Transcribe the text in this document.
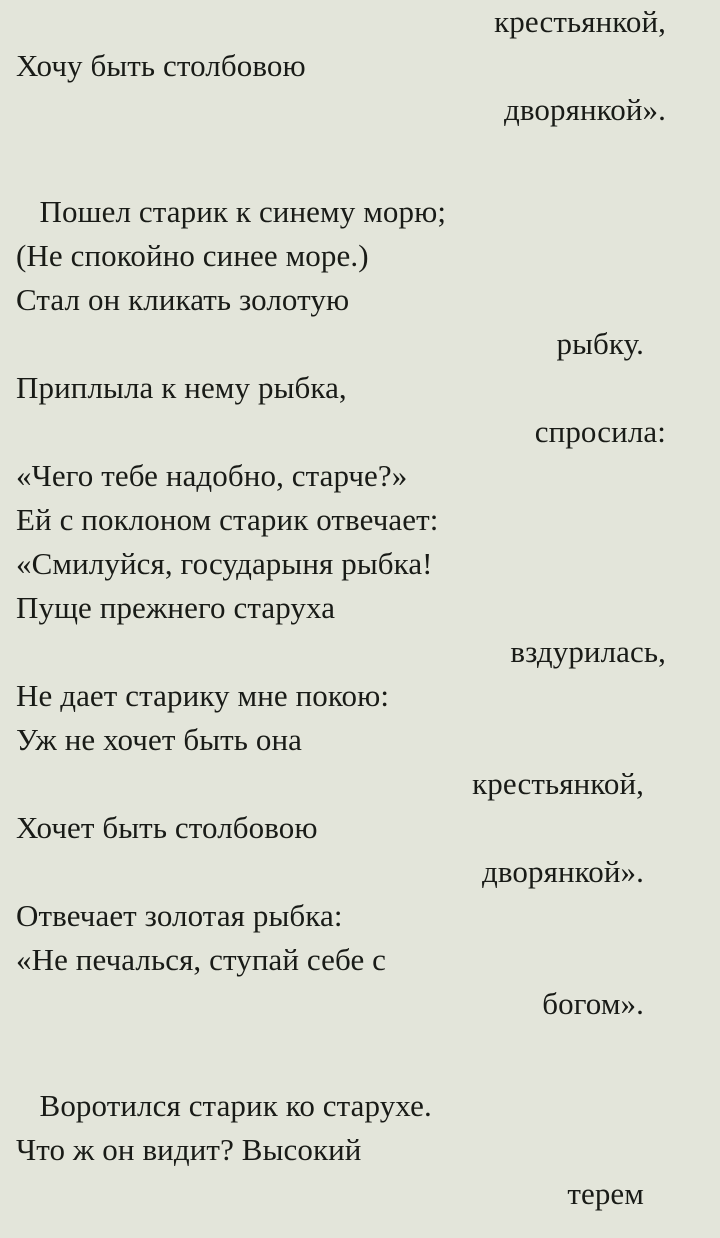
крестьянкой,
Хочу быть столбовою
дворянкой».
Пошел старик к синему морю;
(Не спокойно синее море.)
Стал он кликать золотую
рыбку.
Приплыла к нему рыбка,
спросила:
«Чего тебе надобно, старче?»
Ей с поклоном старик отвечает:
«Смилуйся, государыня рыбка!
Пуще прежнего старуха
вздурилась,
Не дает старику мне покою:
Уж не хочет быть она
крестьянкой,
Хочет быть столбовою
дворянкой».
Отвечает золотая рыбка:
«Не печалься, ступай себе с
богом».
Воротился старик ко старухе.
Что ж он видит? Высокий
терем
